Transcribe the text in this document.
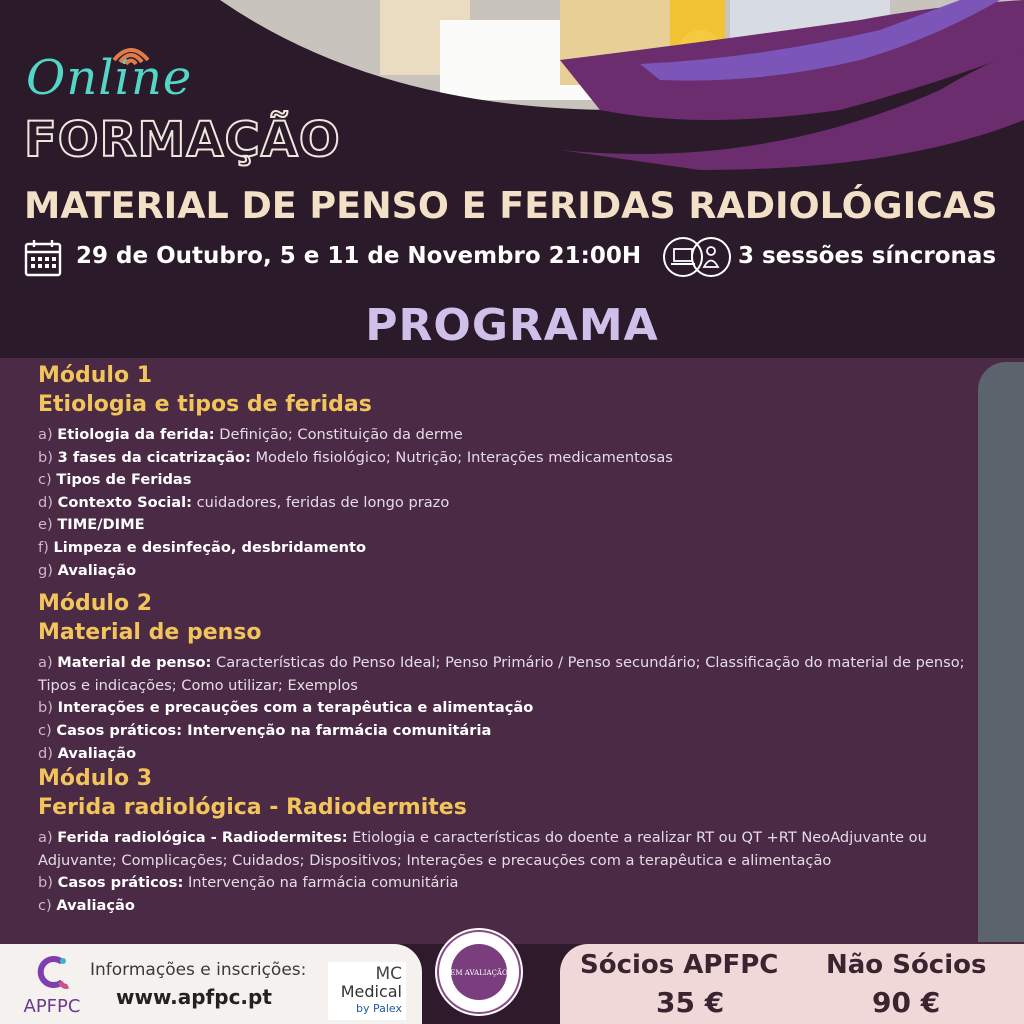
Online
FORMAÇÃO
MATERIAL DE PENSO E FERIDAS RADIOLÓGICAS
29 de Outubro, 5 e 11 de Novembro 21:00H	3 sessões síncronas
PROGRAMA
Módulo 1
Etiologia e tipos de feridas
a) Etiologia da ferida: Definição; Constituição da derme
b) 3 fases da cicatrização: Modelo fisiológico; Nutrição; Interações medicamentosas
c) Tipos de Feridas
d) Contexto Social: cuidadores, feridas de longo prazo
e) TIME/DIME
f) Limpeza e desinfeção, desbridamento
g) Avaliação
Módulo 2
Material de penso
a) Material de penso: Características do Penso Ideal; Penso Primário / Penso secundário; Classificação do material de penso; Tipos e indicações; Como utilizar; Exemplos
b) Interações e precauções com a terapêutica e alimentação
c) Casos práticos: Intervenção na farmácia comunitária
d) Avaliação
Módulo 3
Ferida radiológica - Radiodermites
a) Ferida radiológica - Radiodermites: Etiologia e características do doente a realizar RT ou QT +RT NeoAdjuvante ou Adjuvante; Complicações; Cuidados; Dispositivos; Interações e precauções com a terapêutica e alimentação
b) Casos práticos: Intervenção na farmácia comunitária
c) Avaliação
APFPC
Informações e inscrições:
www.apfpc.pt
MC
Medical
by Palex
Sócios APFPC
35 €
Não Sócios
90 €
EM AVALIAÇÃO
